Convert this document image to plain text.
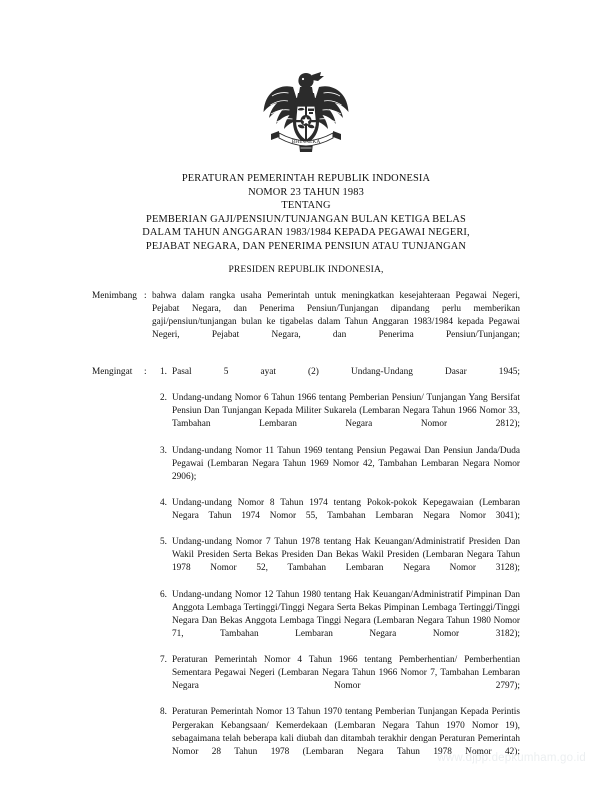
BHINNEKA
PERATURAN PEMERINTAH REPUBLIK INDONESIA
NOMOR 23 TAHUN 1983
TENTANG
PEMBERIAN GAJI/PENSIUN/TUNJANGAN BULAN KETIGA BELAS
DALAM TAHUN ANGGARAN 1983/1984 KEPADA PEGAWAI NEGERI,
PEJABAT NEGARA, DAN PENERIMA PENSIUN ATAU TUNJANGAN
PRESIDEN REPUBLIK INDONESIA,
Menimbang : bahwa dalam rangka usaha Pemerintah untuk meningkatkan kesejahteraan Pegawai Negeri, Pejabat Negara, dan Penerima Pensiun/Tunjangan dipandang perlu memberikan gaji/pensiun/tunjangan bulan ke tigabelas dalam Tahun Anggaran 1983/1984 kepada Pegawai Negeri, Pejabat Negara, dan Penerima Pensiun/Tunjangan;

Mengingat	:	1. Pasal 5 ayat (2) Undang-Undang Dasar 1945;
2. Undang-undang Nomor 6 Tahun 1966 tentang Pemberian Pensiun/ Tunjangan Yang Bersifat Pensiun Dan Tunjangan Kepada Militer Sukarela (Lembaran Negara Tahun 1966 Nomor 33, Tambahan Lembaran Negara Nomor 2812);
3. Undang-undang Nomor 11 Tahun 1969 tentang Pensiun Pegawai Dan Pensiun Janda/Duda Pegawai (Lembaran Negara Tahun 1969 Nomor 42, Tambahan Lembaran Negara Nomor 2906);
4. Undang-undang Nomor 8 Tahun 1974 tentang Pokok-pokok Kepegawaian (Lembaran Negara Tahun 1974 Nomor 55, Tambahan Lembaran Negara Nomor 3041);
5. Undang-undang Nomor 7 Tahun 1978 tentang Hak Keuangan/Administratif Presiden Dan Wakil Presiden Serta Bekas Presiden Dan Bekas Wakil Presiden (Lembaran Negara Tahun 1978 Nomor 52, Tambahan Lembaran Negara Nomor 3128);
6. Undang-undang Nomor 12 Tahun 1980 tentang Hak Keuangan/Administratif Pimpinan Dan Anggota Lembaga Tertinggi/Tinggi Negara Serta Bekas Pimpinan Lembaga Tertinggi/Tinggi Negara Dan Bekas Anggota Lembaga Tinggi Negara (Lembaran Negara Tahun 1980 Nomor 71, Tambahan Lembaran Negara Nomor 3182);
7. Peraturan Pemerintah Nomor 4 Tahun 1966 tentang Pemberhentian/ Pemberhentian Sementara Pegawai Negeri (Lembaran Negara Tahun 1966 Nomor 7, Tambahan Lembaran Negara Nomor 2797);
8. Peraturan Pemerintah Nomor 13 Tahun 1970 tentang Pemberian Tunjangan Kepada Perintis Pergerakan Kebangsaan/ Kemerdekaan (Lembaran Negara Tahun 1970 Nomor 19), sebagaimana telah beberapa kali diubah dan ditambah terakhir dengan Peraturan Pemerintah Nomor 28 Tahun 1978 (Lembaran Negara Tahun 1978 Nomor 42);
www.djpp.depkumham.go.id
